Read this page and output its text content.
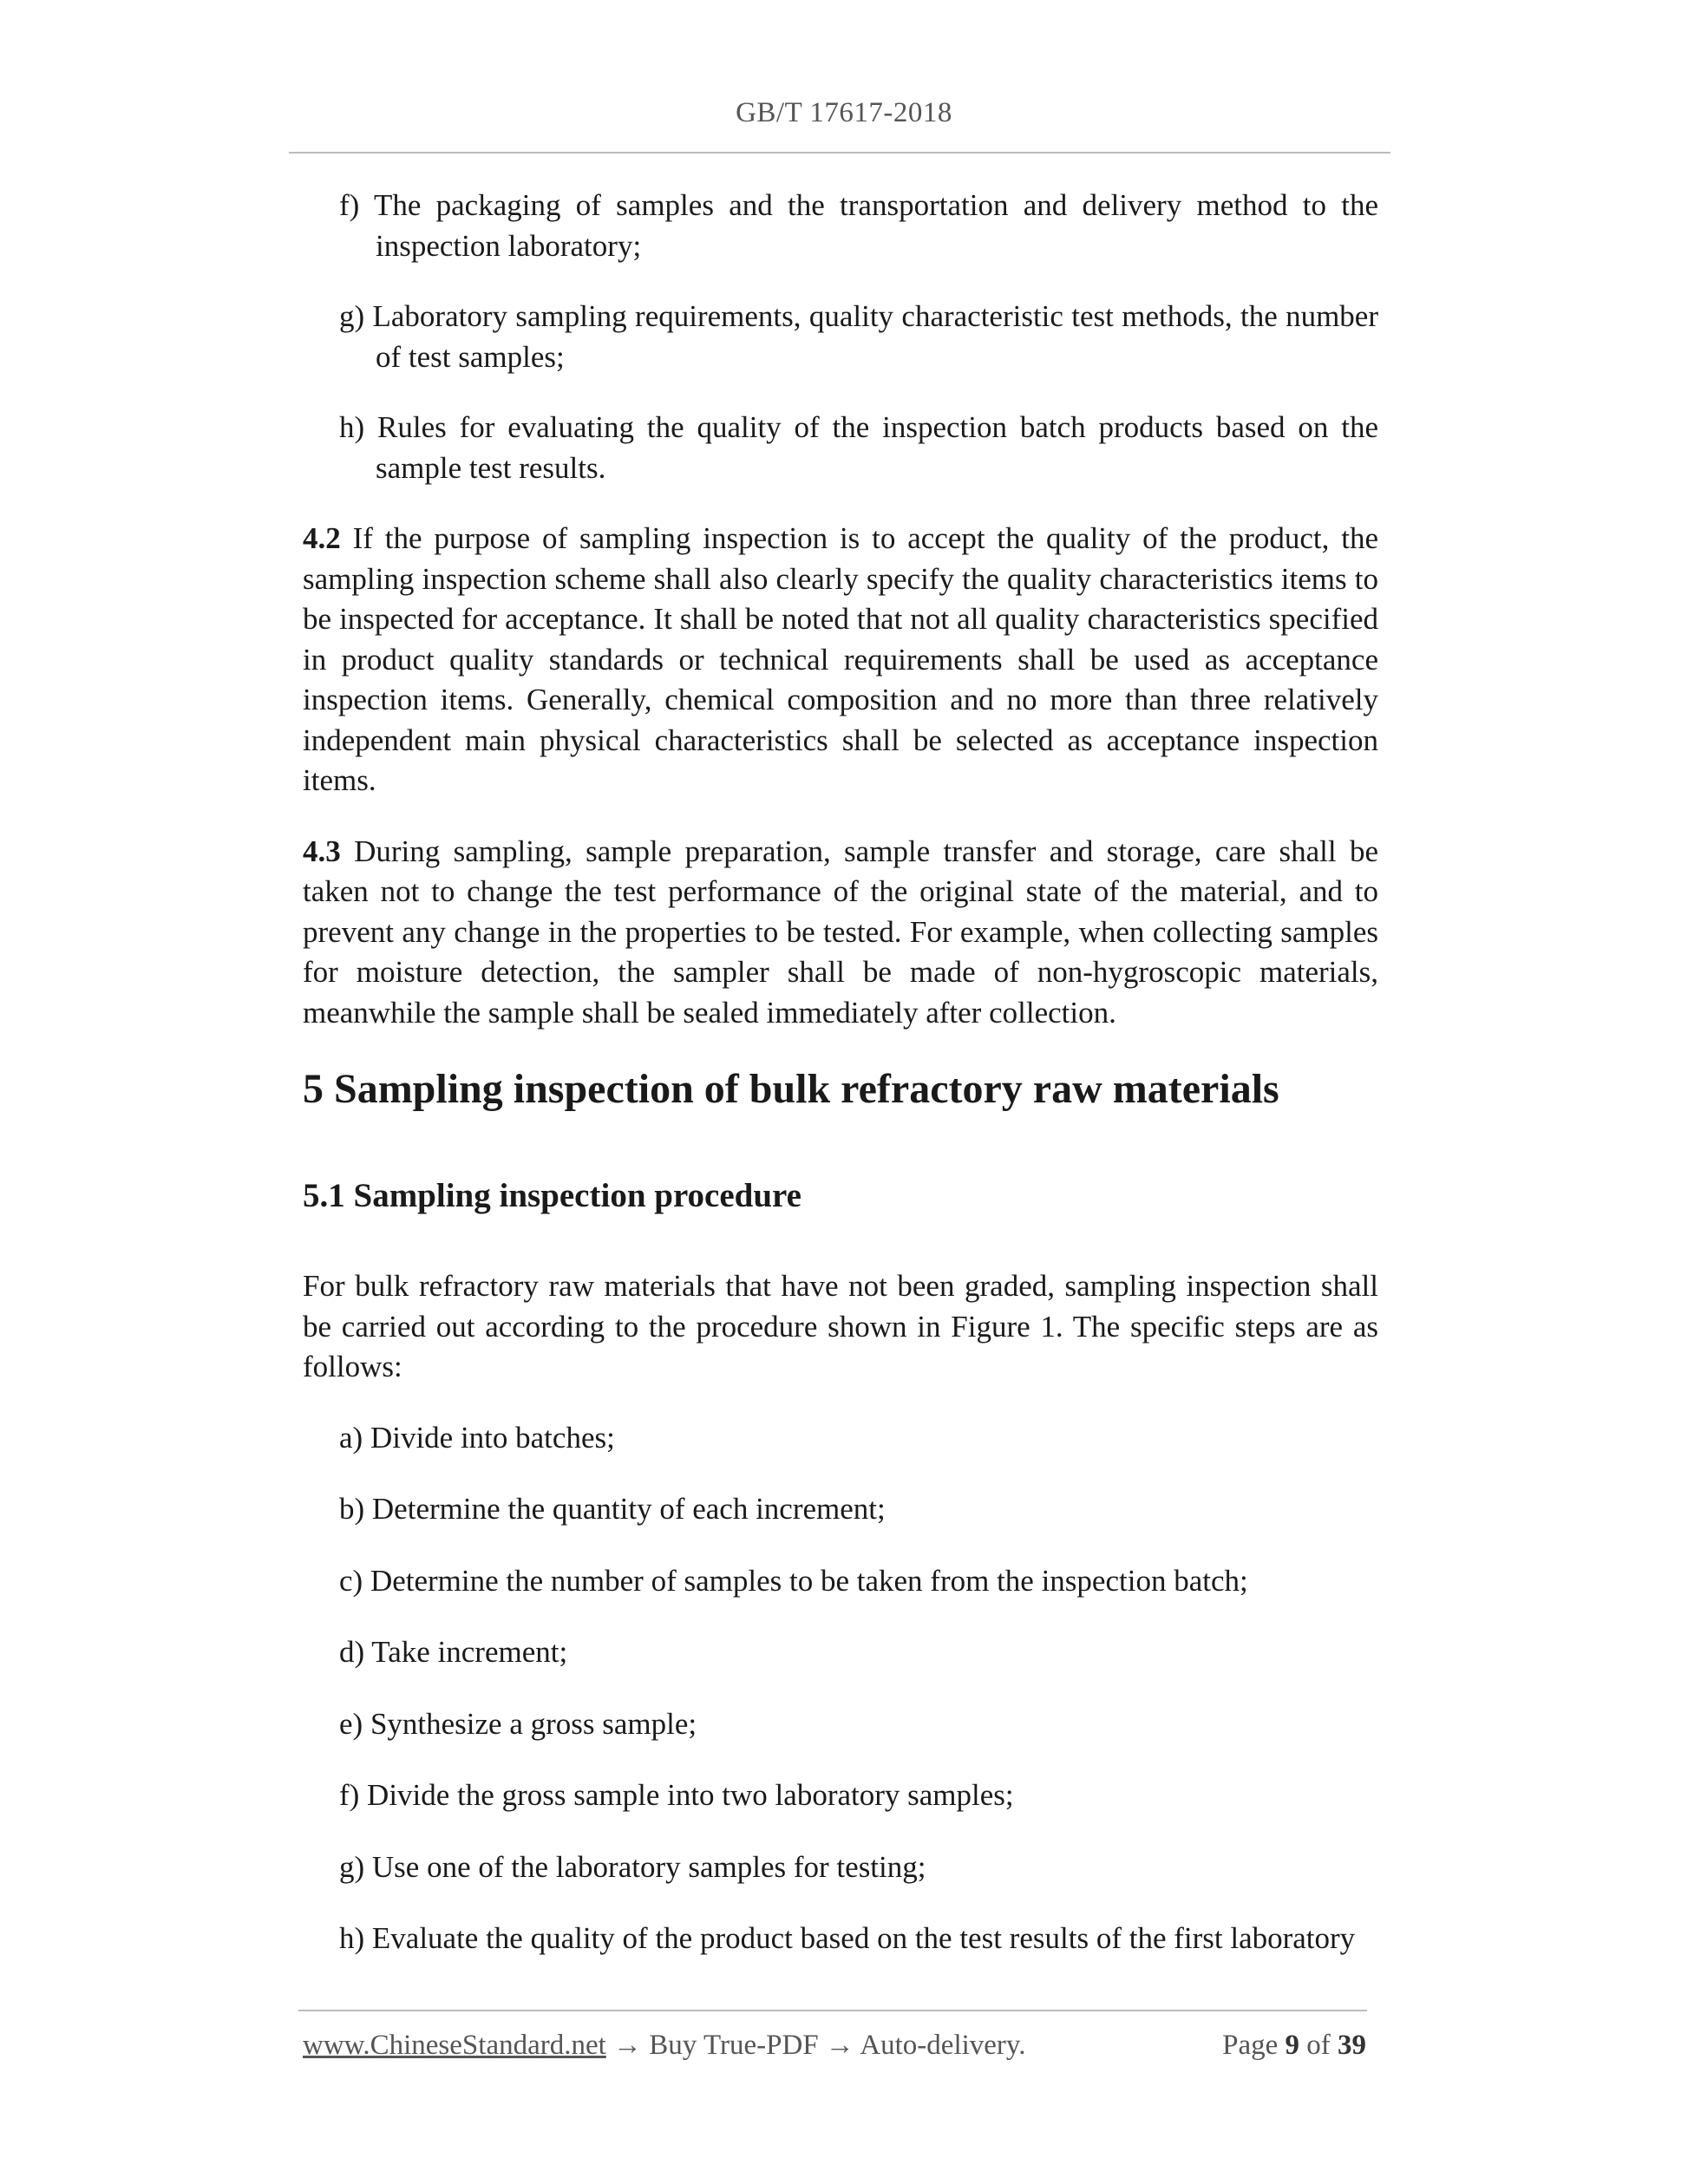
GB/T 17617-2018

f) The packaging of samples and the transportation and delivery method to the inspection laboratory;

g) Laboratory sampling requirements, quality characteristic test methods, the number of test samples;

h) Rules for evaluating the quality of the inspection batch products based on the sample test results.

4.2 If the purpose of sampling inspection is to accept the quality of the product, the sampling inspection scheme shall also clearly specify the quality characteristics items to be inspected for acceptance. It shall be noted that not all quality characteristics specified in product quality standards or technical requirements shall be used as acceptance inspection items. Generally, chemical composition and no more than three relatively independent main physical characteristics shall be selected as acceptance inspection items.

4.3 During sampling, sample preparation, sample transfer and storage, care shall be taken not to change the test performance of the original state of the material, and to prevent any change in the properties to be tested. For example, when collecting samples for moisture detection, the sampler shall be made of non-hygroscopic materials, meanwhile the sample shall be sealed immediately after collection.

5 Sampling inspection of bulk refractory raw materials

5.1 Sampling inspection procedure

For bulk refractory raw materials that have not been graded, sampling inspection shall be carried out according to the procedure shown in Figure 1. The specific steps are as follows:

a) Divide into batches;

b) Determine the quantity of each increment;

c) Determine the number of samples to be taken from the inspection batch;

d) Take increment;

e) Synthesize a gross sample;

f) Divide the gross sample into two laboratory samples;

g) Use one of the laboratory samples for testing;

h) Evaluate the quality of the product based on the test results of the first laboratory

www.ChineseStandard.net → Buy True-PDF → Auto-delivery.	Page 9 of 39
